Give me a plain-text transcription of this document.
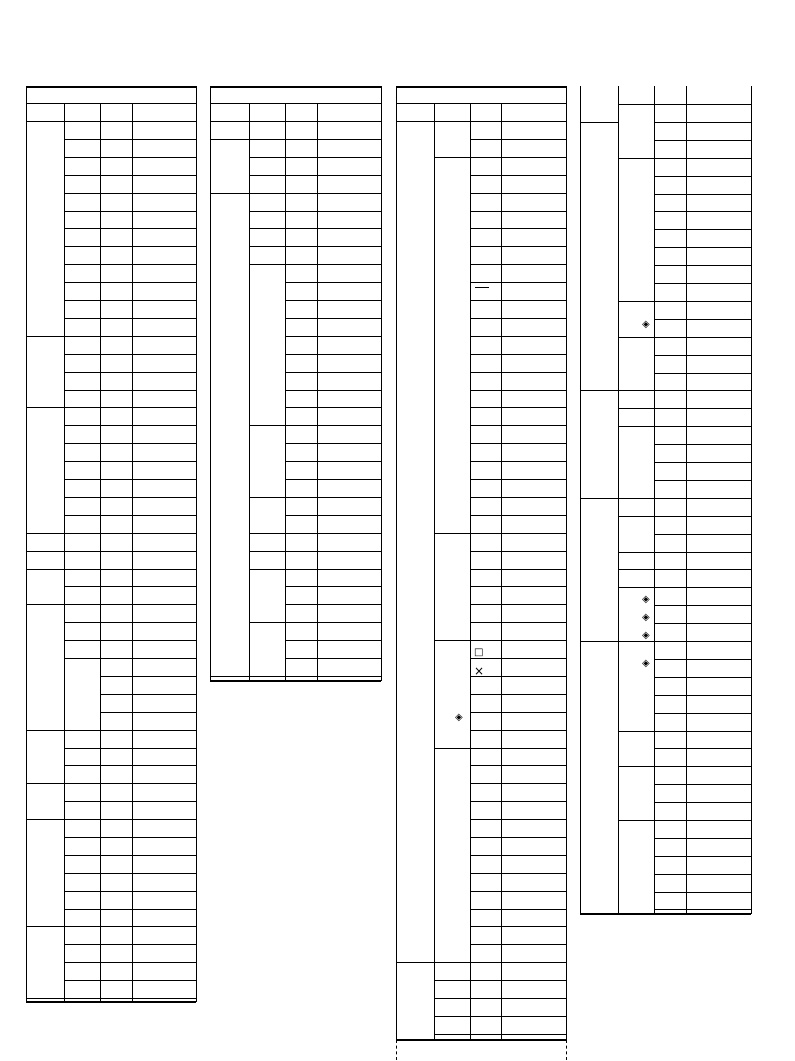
◈
□
×
◈
◈
◈
◈
◈
